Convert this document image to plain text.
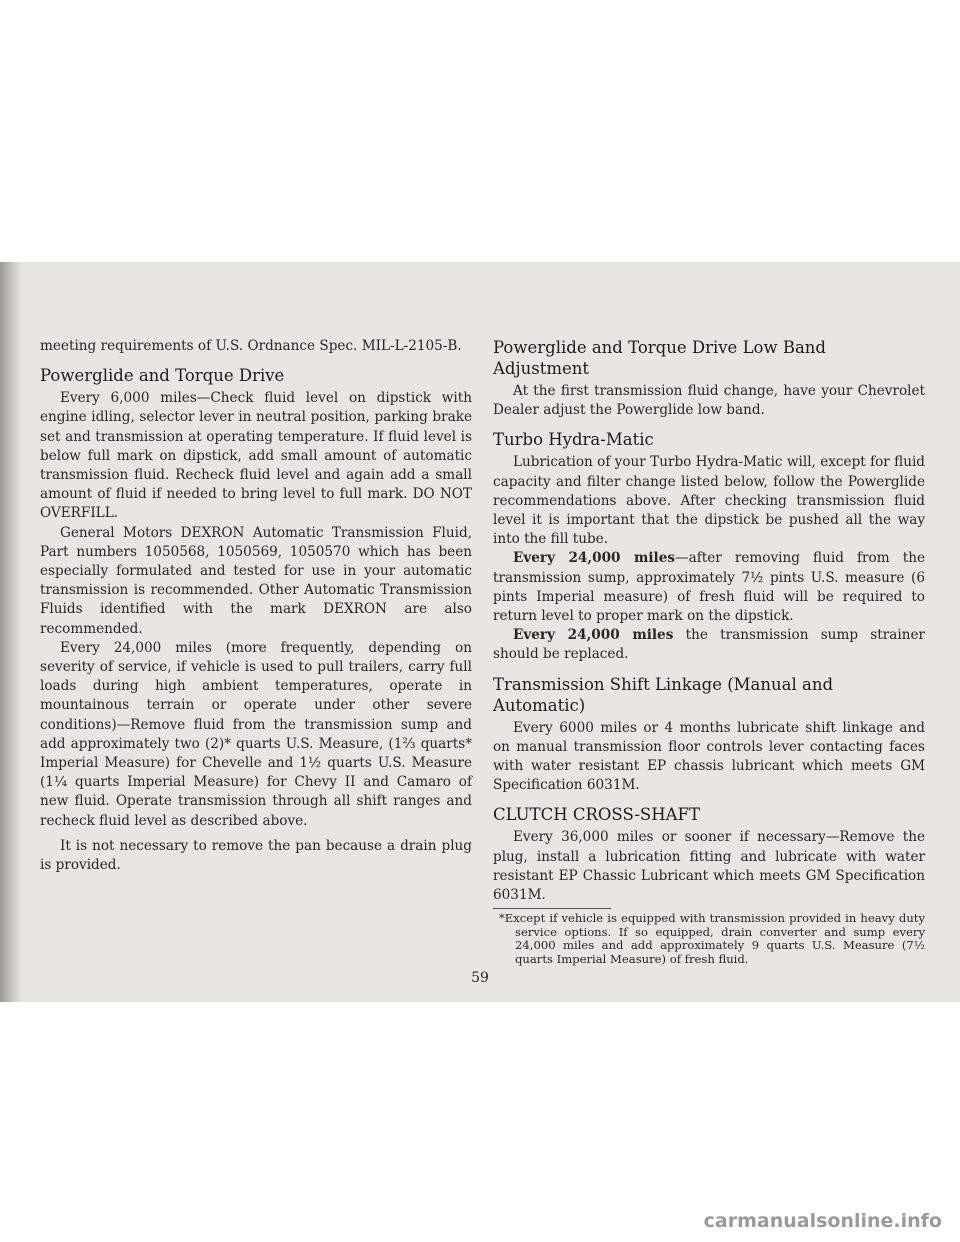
meeting requirements of U.S. Ordnance Spec. MIL-L-2105-B.

Powerglide and Torque Drive

Every 6,000 miles—Check fluid level on dipstick with engine idling, selector lever in neutral position, parking brake set and transmission at operating temperature. If fluid level is below full mark on dipstick, add small amount of automatic transmission fluid. Recheck fluid level and again add a small amount of fluid if needed to bring level to full mark. DO NOT OVERFILL.

General Motors DEXRON Automatic Transmission Fluid, Part numbers 1050568, 1050569, 1050570 which has been especially formulated and tested for use in your automatic transmission is recommended. Other Automatic Transmission Fluids identified with the mark DEXRON are also recommended.

Every 24,000 miles (more frequently, depending on severity of service, if vehicle is used to pull trailers, carry full loads during high ambient temperatures, operate in mountainous terrain or operate under other severe conditions)—Remove fluid from the transmission sump and add approximately two (2)* quarts U.S. Measure, (1⅔ quarts* Imperial Measure) for Chevelle and 1½ quarts U.S. Measure (1¼ quarts Imperial Measure) for Chevy II and Camaro of new fluid. Operate transmission through all shift ranges and recheck fluid level as described above.

It is not necessary to remove the pan because a drain plug is provided.

Powerglide and Torque Drive Low Band Adjustment

At the first transmission fluid change, have your Chevrolet Dealer adjust the Powerglide low band.

Turbo Hydra-Matic

Lubrication of your Turbo Hydra-Matic will, except for fluid capacity and filter change listed below, follow the Powerglide recommendations above. After checking transmission fluid level it is important that the dipstick be pushed all the way into the fill tube.

Every 24,000 miles—after removing fluid from the transmission sump, approximately 7½ pints U.S. measure (6 pints Imperial measure) of fresh fluid will be required to return level to proper mark on the dipstick.

Every 24,000 miles the transmission sump strainer should be replaced.

Transmission Shift Linkage (Manual and Automatic)

Every 6000 miles or 4 months lubricate shift linkage and on manual transmission floor controls lever contacting faces with water resistant EP chassis lubricant which meets GM Specification 6031M.

CLUTCH CROSS-SHAFT

Every 36,000 miles or sooner if necessary—Remove the plug, install a lubrication fitting and lubricate with water resistant EP Chassic Lubricant which meets GM Specification 6031M.

*Except if vehicle is equipped with transmission provided in heavy duty service options. If so equipped, drain converter and sump every 24,000 miles and add approximately 9 quarts U.S. Measure (7½ quarts Imperial Measure) of fresh fluid.

59
carmanualsonline.info
